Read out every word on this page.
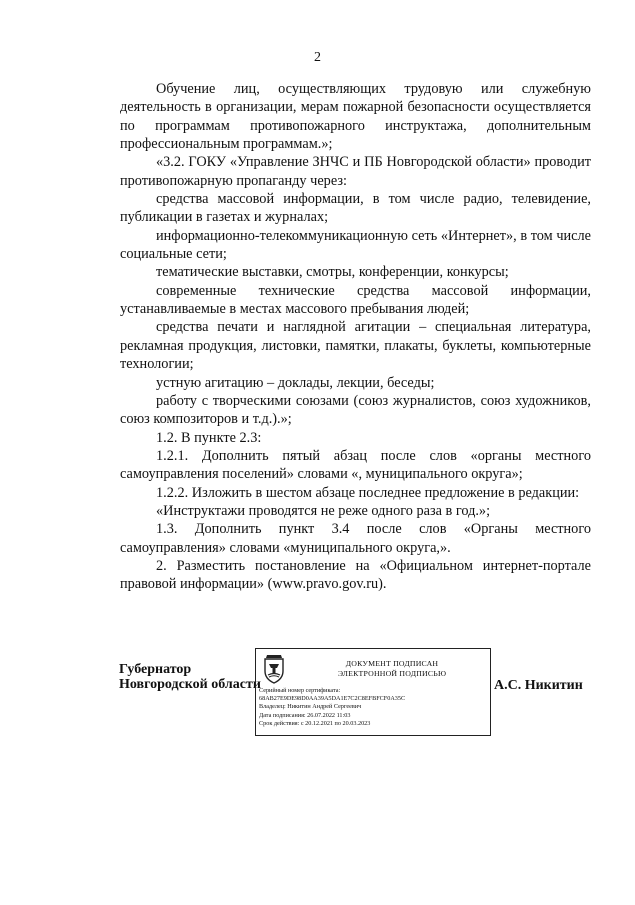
2

Обучение лиц, осуществляющих трудовую или служебную деятельность в организации, мерам пожарной безопасности осуществляется по программам противопожарного инструктажа, дополнительным профессиональным программам.»;

«3.2. ГОКУ «Управление ЗНЧС и ПБ Новгородской области» проводит противопожарную пропаганду через:

средства массовой информации, в том числе радио, телевидение, публикации в газетах и журналах;

информационно-телекоммуникационную сеть «Интернет», в том числе социальные сети;

тематические выставки, смотры, конференции, конкурсы;

современные технические средства массовой информации, устанавливаемые в местах массового пребывания людей;

средства печати и наглядной агитации – специальная литература, рекламная продукция, листовки, памятки, плакаты, буклеты, компьютерные технологии;

устную агитацию – доклады, лекции, беседы;

работу с творческими союзами (союз журналистов, союз художников, союз композиторов и т.д.).»;

1.2. В пункте 2.3:

1.2.1. Дополнить пятый абзац после слов «органы местного самоуправления поселений» словами «, муниципального округа»;

1.2.2. Изложить в шестом абзаце последнее предложение в редакции:

«Инструктажи проводятся не реже одного раза в год.»;

1.3. Дополнить пункт 3.4 после слов «Органы местного самоуправления» словами «муниципального округа,».

2. Разместить постановление на «Официальном интернет-портале правовой информации» (www.pravo.gov.ru).

Губернатор
Новгородской области
ДОКУМЕНТ ПОДПИСАН
ЭЛЕКТРОННОЙ ПОДПИСЬЮ
Серийный номер сертификата:
68AB27E9DE98D0AA39A5DA1E7C2C8EFBFCF0A35C
Владелец: Никитин Андрей Сергеевич
Дата подписания: 26.07.2022 11:03
Срок действия: с 20.12.2021 по 20.03.2023
А.С. Никитин
